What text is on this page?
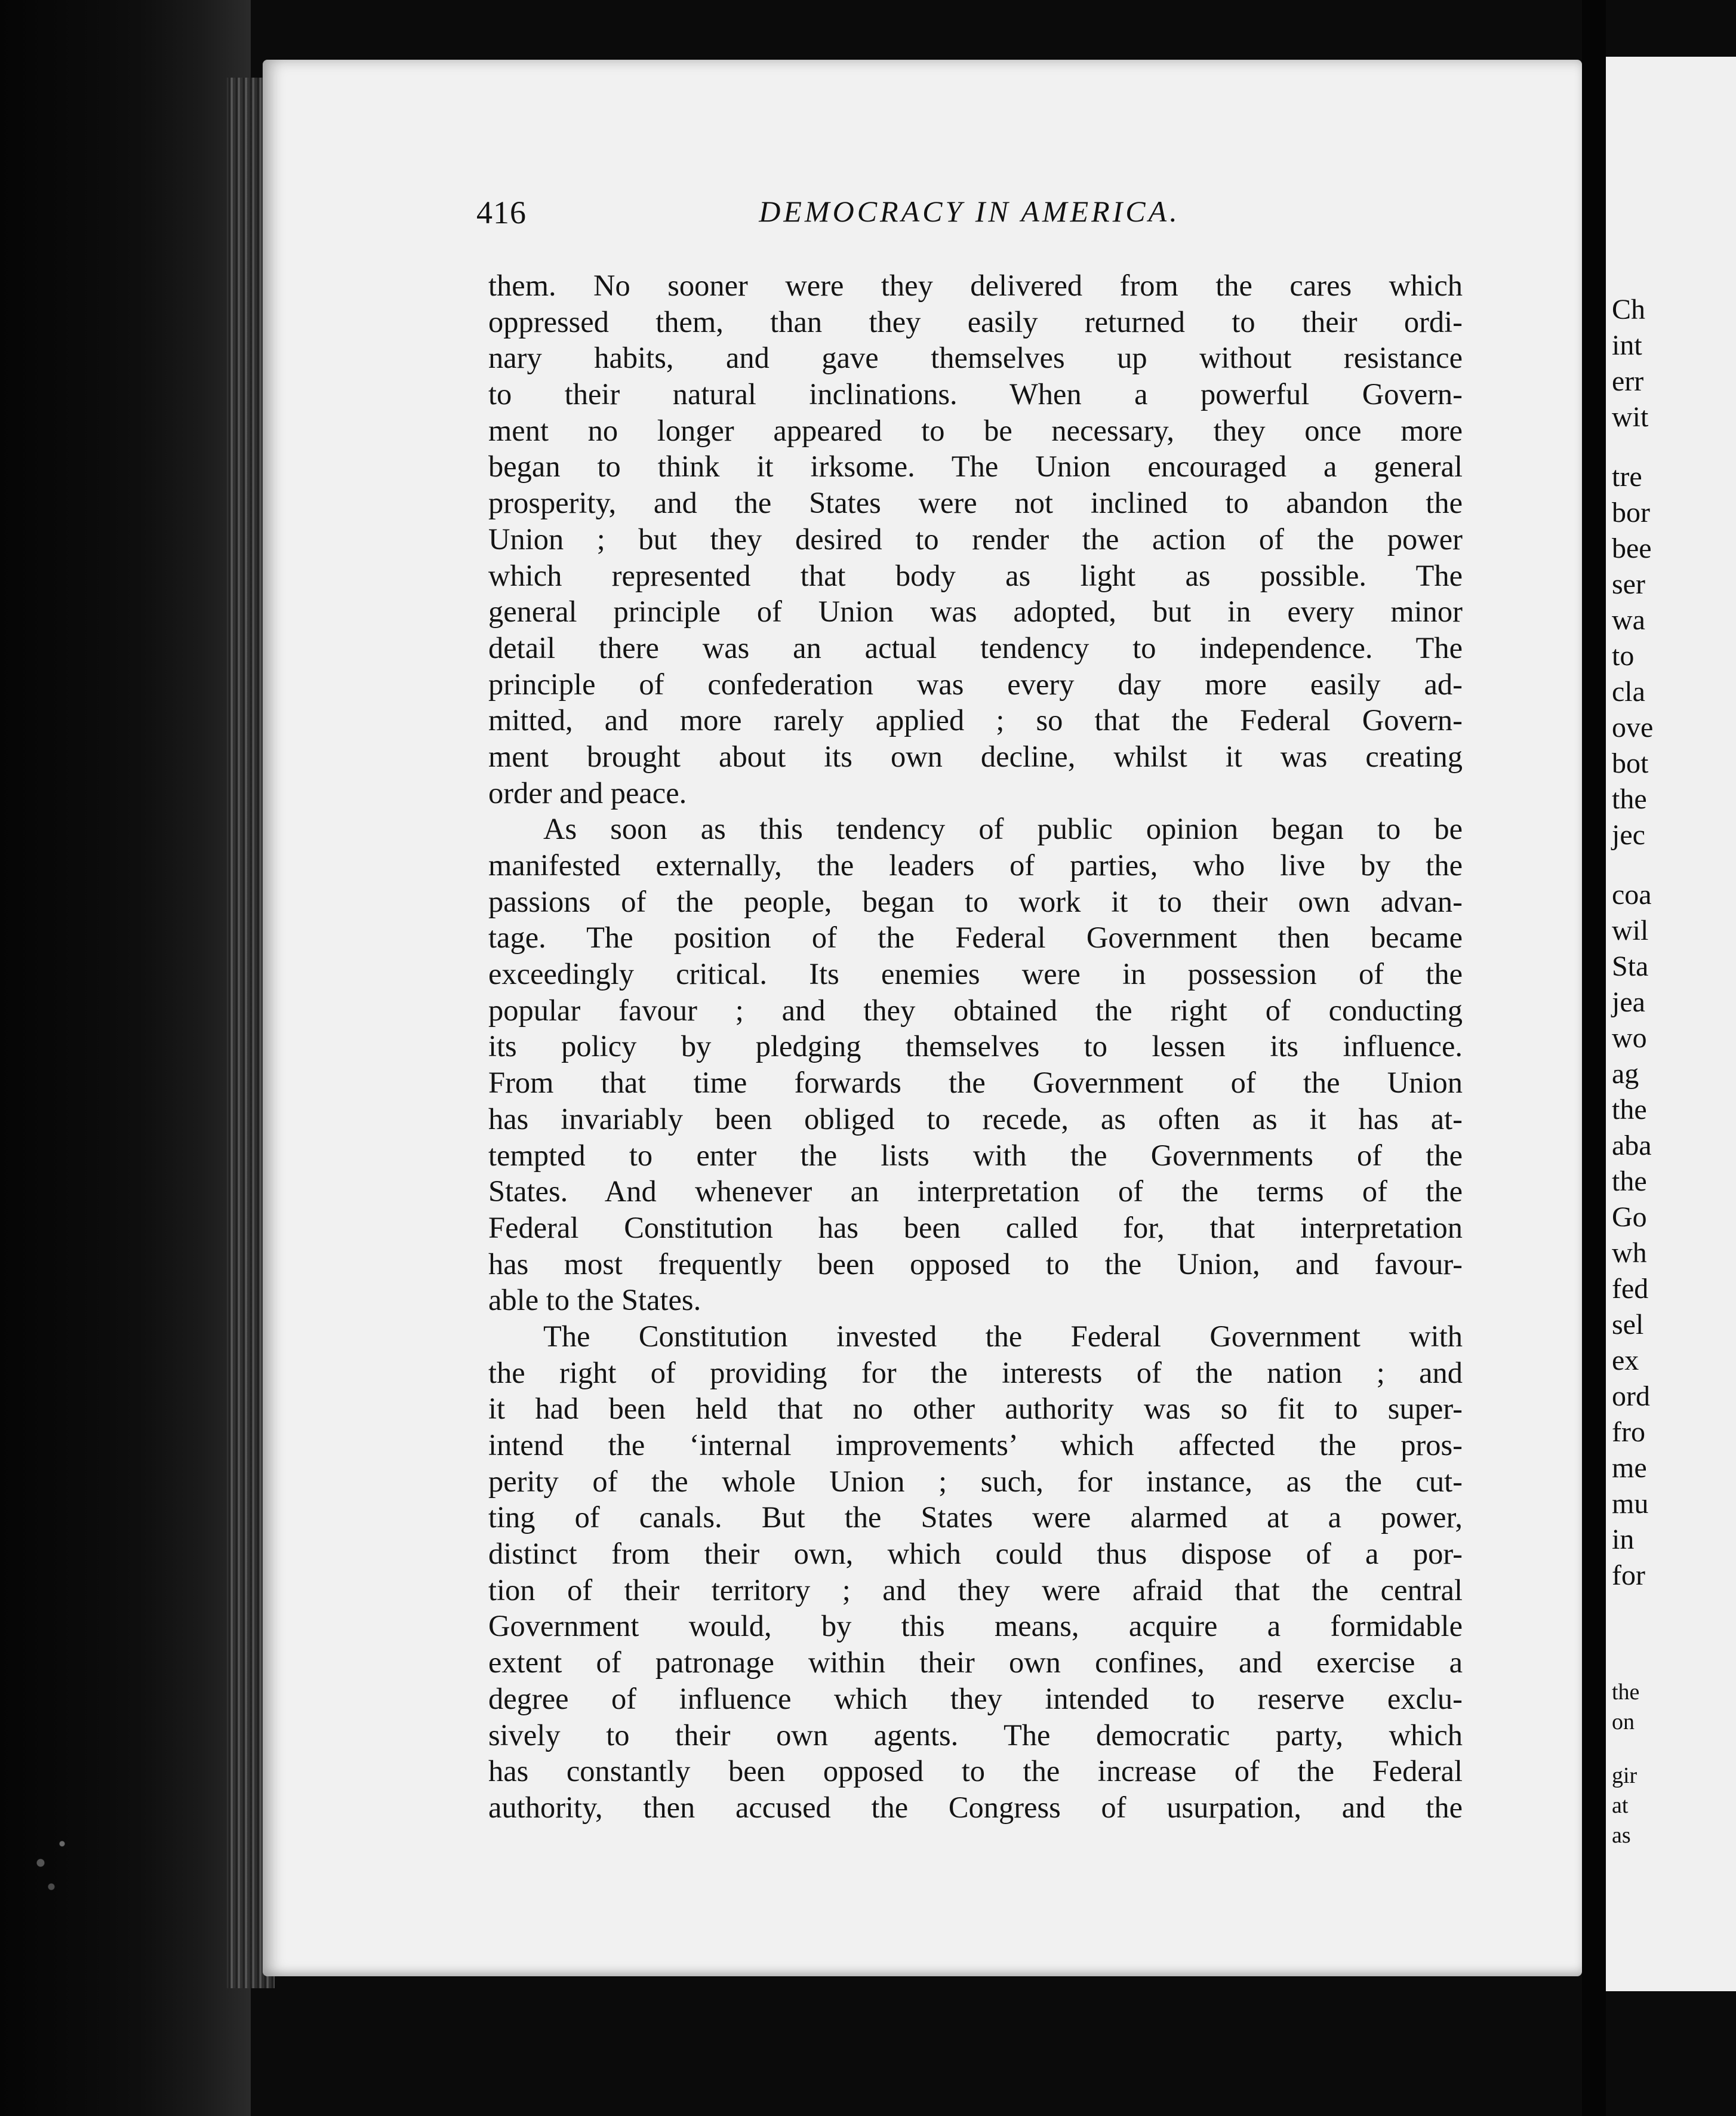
416	DEMOCRACY IN AMERICA.
them. No sooner were they delivered from the cares which
oppressed them, than they easily returned to their ordi-
nary habits, and gave themselves up without resistance
to their natural inclinations. When a powerful Govern-
ment no longer appeared to be necessary, they once more
began to think it irksome. The Union encouraged a general
prosperity, and the States were not inclined to abandon the
Union ; but they desired to render the action of the power
which represented that body as light as possible. The
general principle of Union was adopted, but in every minor
detail there was an actual tendency to independence. The
principle of confederation was every day more easily ad-
mitted, and more rarely applied ; so that the Federal Govern-
ment brought about its own decline, whilst it was creating
order and peace.
As soon as this tendency of public opinion began to be
manifested externally, the leaders of parties, who live by the
passions of the people, began to work it to their own advan-
tage. The position of the Federal Government then became
exceedingly critical. Its enemies were in possession of the
popular favour ; and they obtained the right of conducting
its policy by pledging themselves to lessen its influence.
From that time forwards the Government of the Union
has invariably been obliged to recede, as often as it has at-
tempted to enter the lists with the Governments of the
States. And whenever an interpretation of the terms of the
Federal Constitution has been called for, that interpretation
has most frequently been opposed to the Union, and favour-
able to the States.
The Constitution invested the Federal Government with
the right of providing for the interests of the nation ; and
it had been held that no other authority was so fit to super-
intend the ‘internal improvements’ which affected the pros-
perity of the whole Union ; such, for instance, as the cut-
ting of canals. But the States were alarmed at a power,
distinct from their own, which could thus dispose of a por-
tion of their territory ; and they were afraid that the central
Government would, by this means, acquire a formidable
extent of patronage within their own confines, and exercise a
degree of influence which they intended to reserve exclu-
sively to their own agents. The democratic party, which
has constantly been opposed to the increase of the Federal
authority, then accused the Congress of usurpation, and the
Ch
int
err
wit
tre
bor
bee
ser
wa
to
cla
ove
bot
the
jec
coa
wil
Sta
jea
wo
ag
the
aba
the
Go
wh
fed
sel
ex
ord
fro
me
mu
in
for
the
on
gir
at
as
